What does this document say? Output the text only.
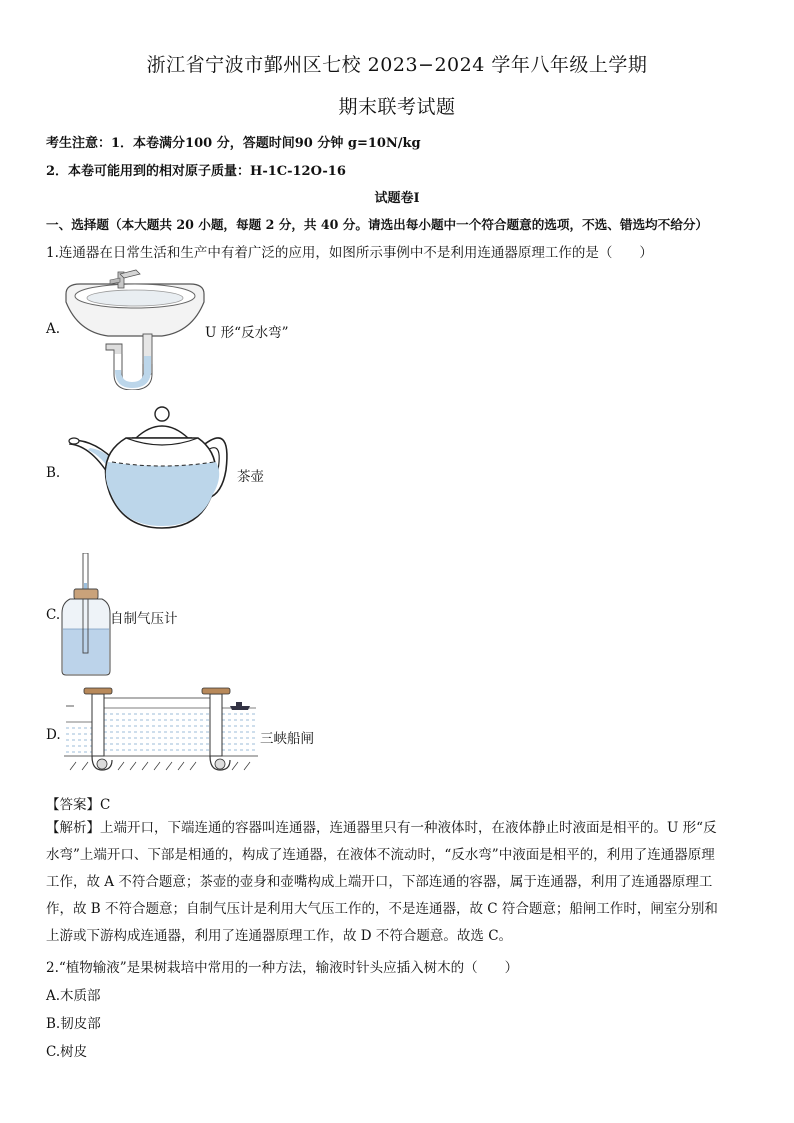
浙江省宁波市鄞州区七校 2023−2024 学年八年级上学期
期末联考试题
考生注意：1．本卷满分100 分，答题时间90 分钟 g=10N/kg
2．本卷可能用到的相对原子质量：H-1C-12O-16
试题卷Ⅰ
一、选择题（本大题共 20 小题，每题 2 分，共 40 分。请选出每小题中一个符合题意的选项，不选、错选均不给分）
1.连通器在日常生活和生产中有着广泛的应用，如图所示事例中不是利用连通器原理工作的是（　　）
A.	U 形“反水弯”
B.	茶壶
C.	自制气压计
D.	三峡船闸
【答案】C
【解析】上端开口，下端连通的容器叫连通器，连通器里只有一种液体时，在液体静止时液面是相平的。U 形“反
水弯”上端开口、下部是相通的，构成了连通器，在液体不流动时，“反水弯”中液面是相平的，利用了连通器原理
工作，故 A 不符合题意；茶壶的壶身和壶嘴构成上端开口，下部连通的容器，属于连通器，利用了连通器原理工
作，故 B 不符合题意；自制气压计是利用大气压工作的，不是连通器，故 C 符合题意；船闸工作时，闸室分别和
上游或下游构成连通器，利用了连通器原理工作，故 D 不符合题意。故选 C。
2.“植物输液”是果树栽培中常用的一种方法，输液时针头应插入树木的（　　）
A.木质部
B.韧皮部
C.树皮
